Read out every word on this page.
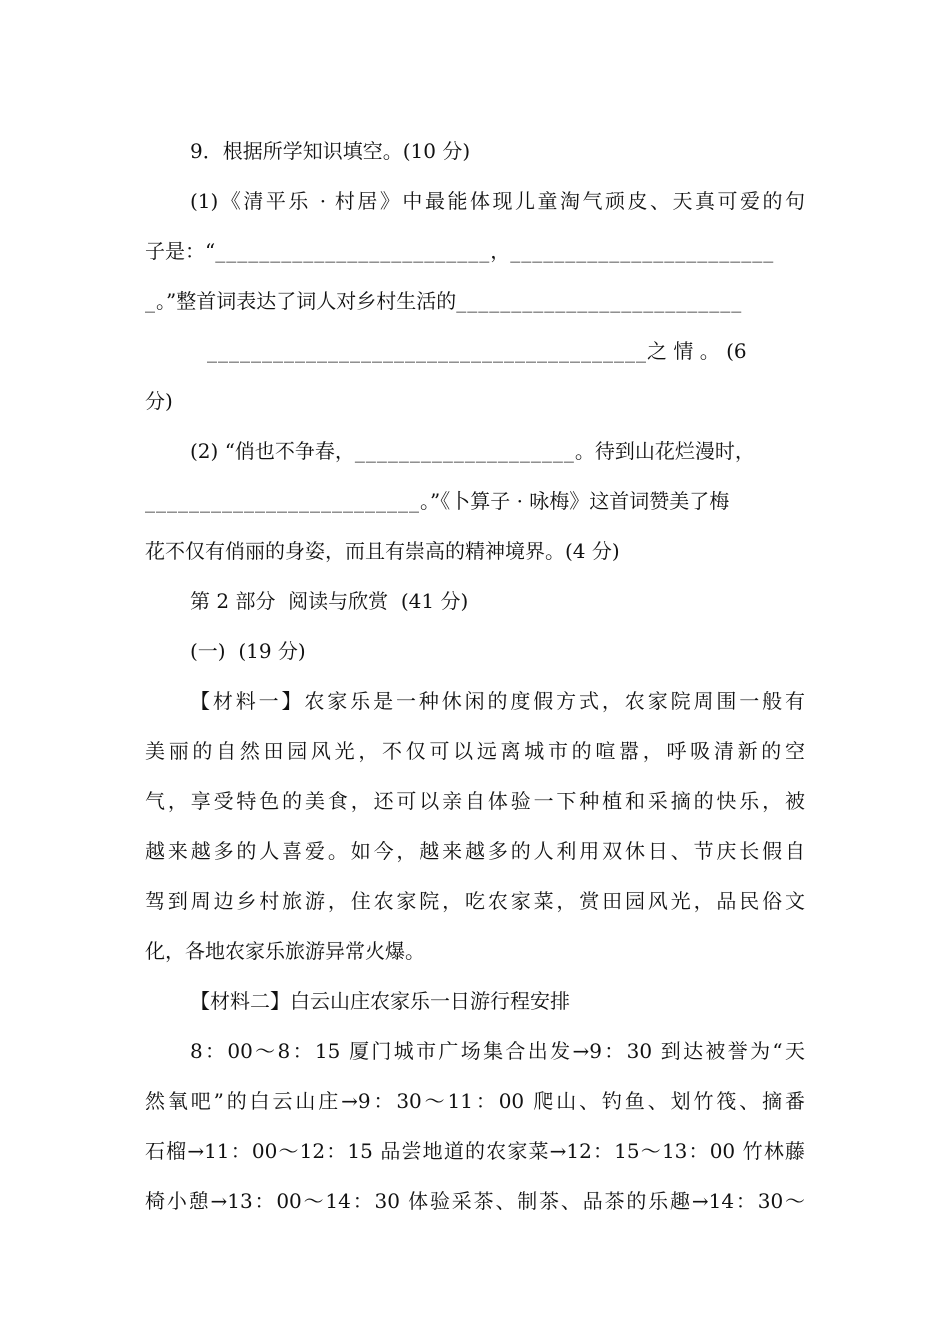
9．根据所学知识填空。(10 分)
(1)《清平乐 · 村居》中最能体现儿童淘气顽皮、天真可爱的句
子是：“_________________________，________________________
_。”整首词表达了词人对乡村生活的__________________________
________________________________________之 情 。 (6
分)
(2) “俏也不争春，____________________。待到山花烂漫时，
_________________________。”《卜算子 · 咏梅》这首词赞美了梅
花不仅有俏丽的身姿，而且有崇高的精神境界。(4 分)
第 2 部分  阅读与欣赏  (41 分)
(一)  (19 分)
【材料一】农家乐是一种休闲的度假方式，农家院周围一般有
美丽的自然田园风光，不仅可以远离城市的喧嚣，呼吸清新的空
气，享受特色的美食，还可以亲自体验一下种植和采摘的快乐，被
越来越多的人喜爱。如今，越来越多的人利用双休日、节庆长假自
驾到周边乡村旅游，住农家院，吃农家菜，赏田园风光，品民俗文
化，各地农家乐旅游异常火爆。
【材料二】白云山庄农家乐一日游行程安排
8：00～8：15 厦门城市广场集合出发→9：30 到达被誉为“天
然氧吧”的白云山庄→9：30～11：00 爬山、钓鱼、划竹筏、摘番
石榴→11：00～12：15 品尝地道的农家菜→12：15～13：00 竹林藤
椅小憩→13：00～14：30 体验采茶、制茶、品茶的乐趣→14：30～
